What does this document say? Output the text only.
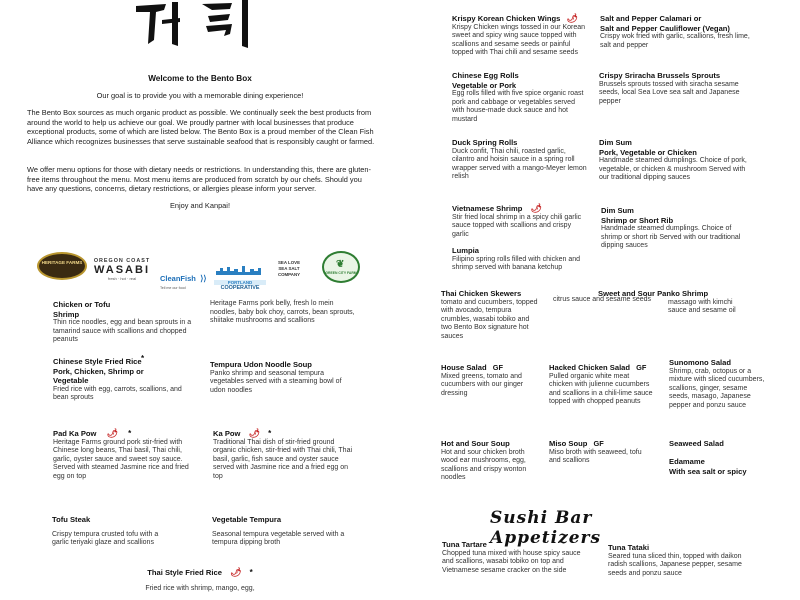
Welcome to the Bento Box
Our goal is to provide you with a memorable dining experience!

The Bento Box sources as much organic product as possible. We continually seek the best products from around the world to help us achieve our goal. We proudly partner with local businesses that produce exceptional products, some of which are listed below. The Bento Box is a proud member of the Clean Fish Alliance which recognizes businesses that serve sustainable seafood that is responsibly caught or farmed.

We offer menu options for those with dietary needs or restrictions. In understanding this, there are gluten-free items throughout the menu. Most menu items are produced from scratch by our chefs. Should you have any questions, concerns, dietary restrictions, or allergies please inform your server.

Enjoy and Kanpai!
HERITAGE FARMS	OREGON COAST
WASABI
fresh · hot · real	CleanFish ⟩⟩
Tell me our food
PORTLAND
COOPERATIVE
SEA LOVE
SEA SALT
COMPANY
❦
GREEN CITY FARM
Chicken or Tofu
Shrimp
Thin rice noodles, egg and bean sprouts in a tamarind sauce with scallions and chopped peanuts
Heritage Farms pork belly, fresh lo mein noodles, baby bok choy, carrots, bean sprouts, shiitake mushrooms and scallions
Chinese Style Fried Rice
Pork, Chicken, Shrimp or
Vegetable
*
Fried rice with egg, carrots, scallions, and bean sprouts
Tempura Udon Noodle Soup
Panko shrimp and seasonal tempura vegetables served with a steaming bowl of udon noodles
Pad Ka Pow 🌶 *
Heritage Farms ground pork stir-fried with Chinese long beans, Thai basil, Thai chili, garlic, oyster sauce and sweet soy sauce. Served with steamed Jasmine rice and fried egg on top
Ka Pow 🌶 *
Traditional Thai dish of stir-fried ground organic chicken, stir-fried with Thai chili, Thai basil, garlic, fish sauce and oyster sauce served with Jasmine rice and a fried egg on top
Tofu Steak
Crispy tempura crusted tofu with a garlic teriyaki glaze and scallions
Vegetable Tempura
Seasonal tempura vegetable served with a tempura dipping broth
Thai Style Fried Rice 🌶 *
Fried rice with shrimp, mango, egg,
Krispy Korean Chicken Wings 🌶
Krispy Chicken wings tossed in our Korean sweet and spicy wing sauce topped with scallions and sesame seeds or painful topped with Thai chili and sesame seeds
Salt and Pepper Calamari or
Salt and Pepper Cauliflower (Vegan)
Crispy wok fried with garlic, scallions, fresh lime, salt and pepper
Chinese Egg Rolls
Vegetable or Pork
Egg rolls filled with five spice organic roast pork and cabbage or vegetables served with house-made duck sauce and hot mustard
Crispy Sriracha Brussels Sprouts
Brussels sprouts tossed with siracha sesame seeds, local Sea Love sea salt and Japanese pepper
Duck Spring Rolls
Duck confit, Thai chili, roasted garlic, cilantro and hoisin sauce in a spring roll wrapper served with a mango-Meyer lemon relish
Dim Sum
Pork, Vegetable or Chicken
Handmade steamed dumplings. Choice of pork, vegetable, or chicken & mushroom Served with our traditional dipping sauces
Vietnamese Shrimp 🌶
Stir fried local shrimp in a spicy chili garlic sauce topped with scallions and crispy garlic
Dim Sum
Shrimp or Short Rib
Handmade steamed dumplings. Choice of shrimp or short rib Served with our traditional dipping sauces
Lumpia
Filipino spring rolls filled with chicken and shrimp served with banana ketchup
Thai Chicken Skewers
tomato and cucumbers, topped with avocado, tempura crumbles, wasabi tobiko and two Bento Box signature hot sauces
citrus sauce and sesame seeds
Sweet and Sour Panko Shrimp
massago with kimchi sauce and sesame oil
House Salad GF
Mixed greens, tomato and cucumbers with our ginger dressing
Hacked Chicken Salad GF
Pulled organic white meat chicken with julienne cucumbers and scallions in a chili-lime sauce topped with chopped peanuts
Sunomono Salad
Shrimp, crab, octopus or a mixture with sliced cucumbers, scallions, ginger, sesame seeds, masago, Japanese pepper and ponzu sauce
Hot and Sour Soup
Hot and sour chicken broth wood ear mushrooms, egg, scallions and crispy wonton noodles
Miso Soup GF
Miso broth with seaweed, tofu and scallions
Seaweed Salad
Edamame
With sea salt or spicy
Sushi Bar Appetizers
Tuna Tartare
Chopped tuna mixed with house spicy sauce and scallions, wasabi tobiko on top and Vietnamese sesame cracker on the side
Tuna Tataki
Seared tuna sliced thin, topped with daikon radish scallions, Japanese pepper, sesame seeds and ponzu sauce
